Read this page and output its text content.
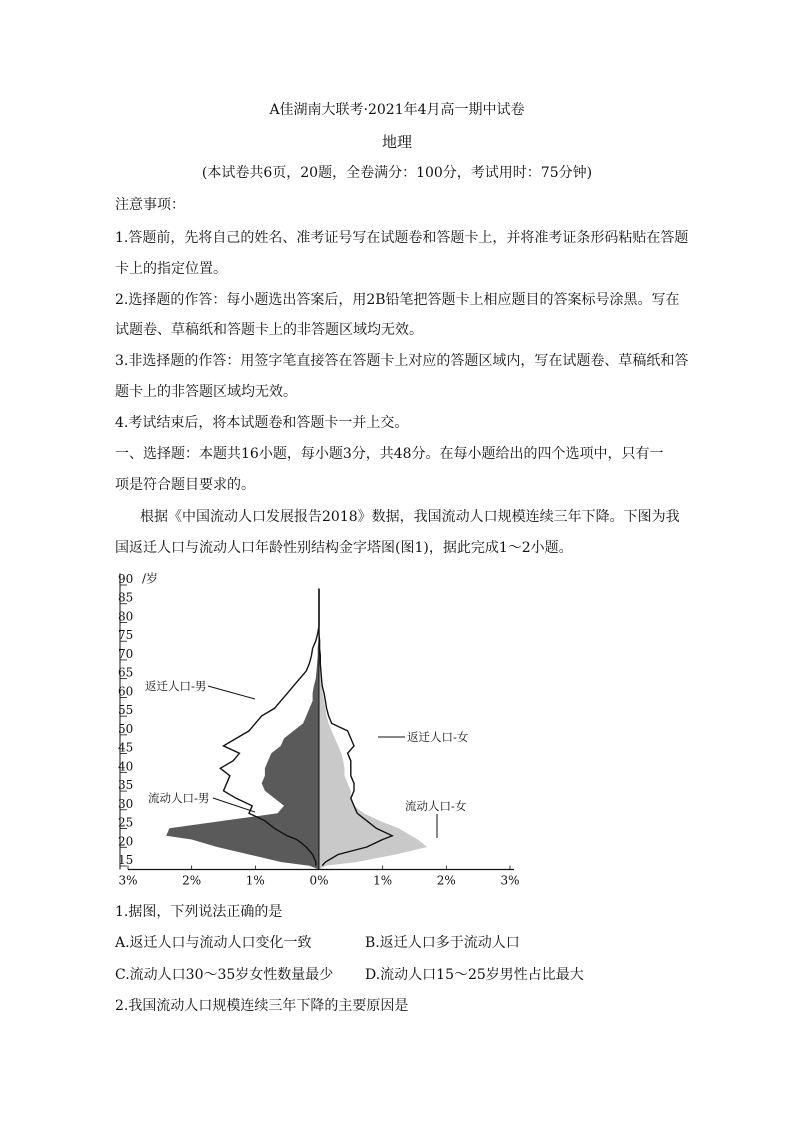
A佳湖南大联考·2021年4月高一期中试卷
地理
(本试卷共6页，20题，全卷满分：100分，考试用时：75分钟)
注意事项：
1.答题前，先将自己的姓名、准考证号写在试题卷和答题卡上，并将准考证条形码粘贴在答题
卡上的指定位置。
2.选择题的作答：每小题选出答案后，用2B铅笔把答题卡上相应题目的答案标号涂黑。写在
试题卷、草稿纸和答题卡上的非答题区域均无效。
3.非选择题的作答：用签字笔直接答在答题卡上对应的答题区域内，写在试题卷、草稿纸和答
题卡上的非答题区域均无效。
4.考试结束后，将本试题卷和答题卡一并上交。
一、选择题：本题共16小题，每小题3分，共48分。在每小题给出的四个选项中，只有一
项是符合题目要求的。
根据《中国流动人口发展报告2018》数据，我国流动人口规模连续三年下降。下图为我
国返迁人口与流动人口年龄性别结构金字塔图(图1)，据此完成1～2小题。
90
85
80
75
70
65
60
55
50
45
40
35
30
25
20
15
/岁
3%	2%	1%	0%	1%	2%	3%
返迁人口-男
返迁人口-女
流动人口-男
流动人口-女
1.据图，下列说法正确的是
A.返迁人口与流动人口变化一致	B.返迁人口多于流动人口
C.流动人口30～35岁女性数量最少 D.流动人口15～25岁男性占比最大
2.我国流动人口规模连续三年下降的主要原因是
